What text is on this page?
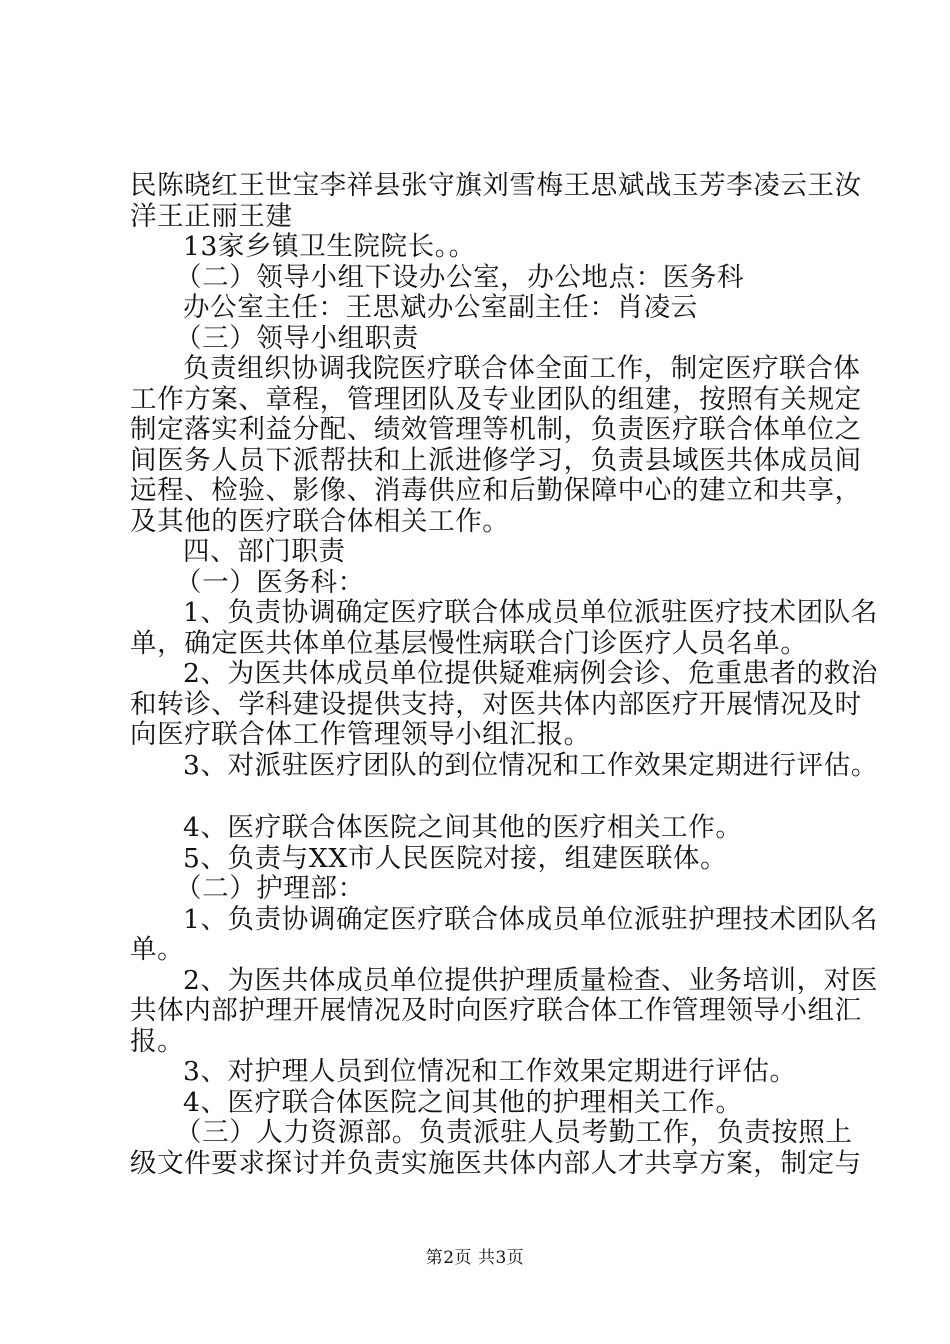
民陈晓红王世宝李祥县张守旗刘雪梅王思斌战玉芳李凌云王汝
洋王正丽王建
13家乡镇卫生院院长。。
（二）领导小组下设办公室，办公地点：医务科
办公室主任：王思斌办公室副主任：肖凌云
（三）领导小组职责
负责组织协调我院医疗联合体全面工作，制定医疗联合体
工作方案、章程，管理团队及专业团队的组建，按照有关规定
制定落实利益分配、绩效管理等机制，负责医疗联合体单位之
间医务人员下派帮扶和上派进修学习，负责县域医共体成员间
远程、检验、影像、消毒供应和后勤保障中心的建立和共享，
及其他的医疗联合体相关工作。
四、部门职责
（一）医务科：
1、负责协调确定医疗联合体成员单位派驻医疗技术团队名
单，确定医共体单位基层慢性病联合门诊医疗人员名单。
2、为医共体成员单位提供疑难病例会诊、危重患者的救治
和转诊、学科建设提供支持，对医共体内部医疗开展情况及时
向医疗联合体工作管理领导小组汇报。
3、对派驻医疗团队的到位情况和工作效果定期进行评估。
4、医疗联合体医院之间其他的医疗相关工作。
5、负责与XX市人民医院对接，组建医联体。
（二）护理部：
1、负责协调确定医疗联合体成员单位派驻护理技术团队名
单。
2、为医共体成员单位提供护理质量检查、业务培训，对医
共体内部护理开展情况及时向医疗联合体工作管理领导小组汇
报。
3、对护理人员到位情况和工作效果定期进行评估。
4、医疗联合体医院之间其他的护理相关工作。
（三）人力资源部。负责派驻人员考勤工作，负责按照上
级文件要求探讨并负责实施医共体内部人才共享方案，制定与
第2页 共3页
